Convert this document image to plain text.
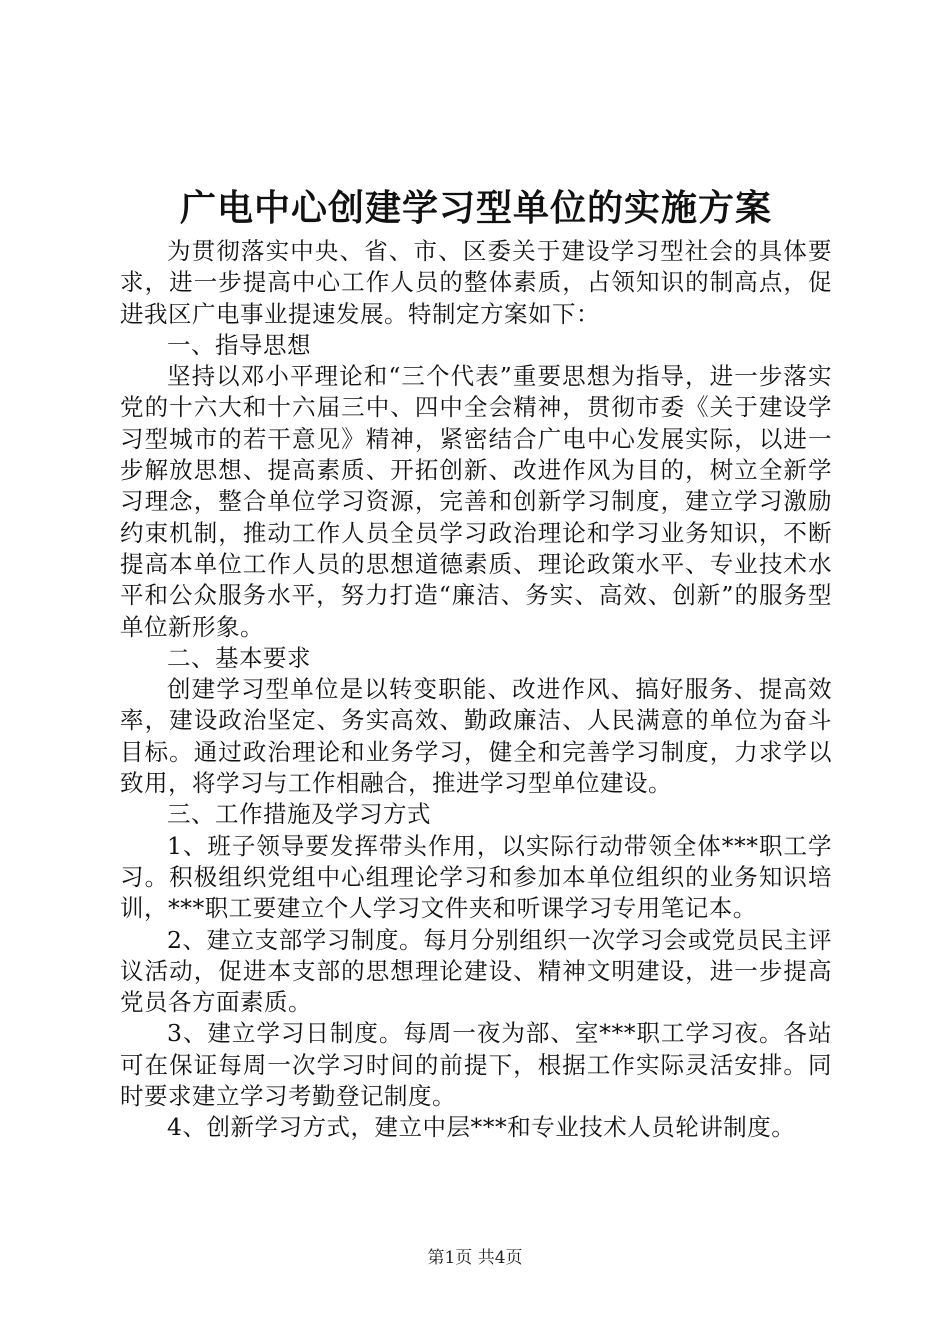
广电中心创建学习型单位的实施方案

为贯彻落实中央、省、市、区委关于建设学习型社会的具体要求，进一步提高中心工作人员的整体素质，占领知识的制高点，促进我区广电事业提速发展。特制定方案如下：

一、指导思想

坚持以邓小平理论和“三个代表”重要思想为指导，进一步落实党的十六大和十六届三中、四中全会精神，贯彻市委《关于建设学习型城市的若干意见》精神，紧密结合广电中心发展实际，以进一步解放思想、提高素质、开拓创新、改进作风为目的，树立全新学习理念，整合单位学习资源，完善和创新学习制度，建立学习激励约束机制，推动工作人员全员学习政治理论和学习业务知识，不断提高本单位工作人员的思想道德素质、理论政策水平、专业技术水平和公众服务水平，努力打造“廉洁、务实、高效、创新”的服务型单位新形象。

二、基本要求

创建学习型单位是以转变职能、改进作风、搞好服务、提高效率，建设政治坚定、务实高效、勤政廉洁、人民满意的单位为奋斗目标。通过政治理论和业务学习，健全和完善学习制度，力求学以致用，将学习与工作相融合，推进学习型单位建设。

三、工作措施及学习方式

1、班子领导要发挥带头作用，以实际行动带领全体***职工学习。积极组织党组中心组理论学习和参加本单位组织的业务知识培训，***职工要建立个人学习文件夹和听课学习专用笔记本。

2、建立支部学习制度。每月分别组织一次学习会或党员民主评议活动，促进本支部的思想理论建设、精神文明建设，进一步提高党员各方面素质。

3、建立学习日制度。每周一夜为部、室***职工学习夜。各站可在保证每周一次学习时间的前提下，根据工作实际灵活安排。同时要求建立学习考勤登记制度。

4、创新学习方式，建立中层***和专业技术人员轮讲制度。

第1页 共4页
